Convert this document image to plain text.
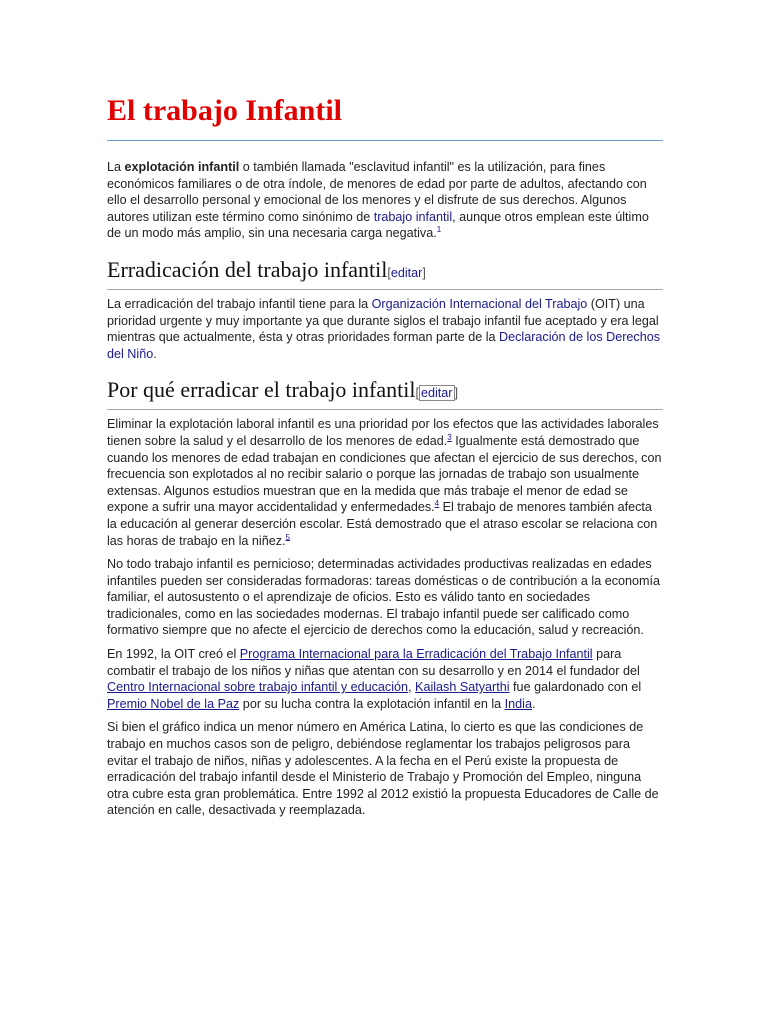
El trabajo Infantil

La explotación infantil o también llamada "esclavitud infantil" es la utilización, para fines económicos familiares o de otra índole, de menores de edad por parte de adultos, afectando con ello el desarrollo personal y emocional de los menores y el disfrute de sus derechos. Algunos autores utilizan este término como sinónimo de trabajo infantil, aunque otros emplean este último de un modo más amplio, sin una necesaria carga negativa.$^1$

Erradicación del trabajo infantil[editar]

La erradicación del trabajo infantil tiene para la Organización Internacional del Trabajo (OIT) una prioridad urgente y muy importante ya que durante siglos el trabajo infantil fue aceptado y era legal mientras que actualmente, ésta y otras prioridades forman parte de la Declaración de los Derechos del Niño.

Por qué erradicar el trabajo infantil[ editar ]

Eliminar la explotación laboral infantil es una prioridad por los efectos que las actividades laborales tienen sobre la salud y el desarrollo de los menores de edad.$^3$ Igualmente está demostrado que cuando los menores de edad trabajan en condiciones que afectan el ejercicio de sus derechos, con frecuencia son explotados al no recibir salario o porque las jornadas de trabajo son usualmente extensas. Algunos estudios muestran que en la medida que más trabaje el menor de edad se expone a sufrir una mayor accidentalidad y enfermedades.$^4$ El trabajo de menores también afecta la educación al generar deserción escolar. Está demostrado que el atraso escolar se relaciona con las horas de trabajo en la niñez.$^5$

No todo trabajo infantil es pernicioso; determinadas actividades productivas realizadas en edades infantiles pueden ser consideradas formadoras: tareas domésticas o de contribución a la economía familiar, el autosustento o el aprendizaje de oficios. Esto es válido tanto en sociedades tradicionales, como en las sociedades modernas. El trabajo infantil puede ser calificado como formativo siempre que no afecte el ejercicio de derechos como la educación, salud y recreación.

En 1992, la OIT creó el Programa Internacional para la Erradicación del Trabajo Infantil para combatir el trabajo de los niños y niñas que atentan con su desarrollo y en 2014 el fundador del Centro Internacional sobre trabajo infantil y educación, Kailash Satyarthi fue galardonado con el Premio Nobel de la Paz por su lucha contra la explotación infantil en la India.

Si bien el gráfico indica un menor número en América Latina, lo cierto es que las condiciones de trabajo en muchos casos son de peligro, debiéndose reglamentar los trabajos peligrosos para evitar el trabajo de niños, niñas y adolescentes. A la fecha en el Perú existe la propuesta de erradicación del trabajo infantil desde el Ministerio de Trabajo y Promoción del Empleo, ninguna otra cubre esta gran problemática. Entre 1992 al 2012 existió la propuesta Educadores de Calle de atención en calle, desactivada y reemplazada.
